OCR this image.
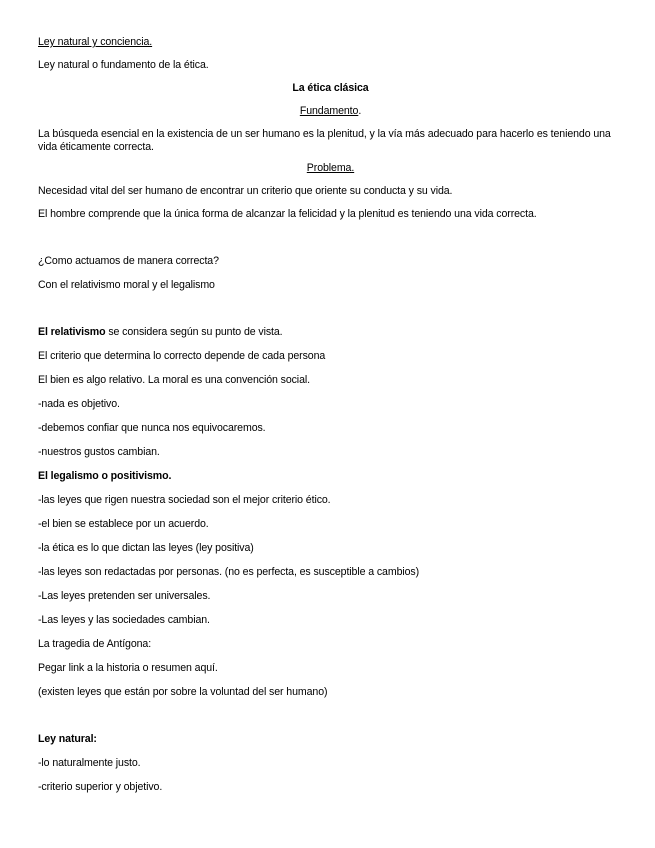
Ley natural y conciencia.

Ley natural o fundamento de la ética.

La ética clásica

Fundamento.

La búsqueda esencial en la existencia de un ser humano es la plenitud, y la vía más adecuado para hacerlo es teniendo una vida éticamente correcta.

Problema.

Necesidad vital del ser humano de encontrar un criterio que oriente su conducta y su vida.

El hombre comprende que la única forma de alcanzar la felicidad y la plenitud es teniendo una vida correcta.

¿Como actuamos de manera correcta?

Con el relativismo moral y el legalismo

El relativismo se considera según su punto de vista.

El criterio que determina lo correcto depende de cada persona

El bien es algo relativo. La moral es una convención social.

-nada es objetivo.

-debemos confiar que nunca nos equivocaremos.

-nuestros gustos cambian.

El legalismo o positivismo.

-las leyes que rigen nuestra sociedad son el mejor criterio ético.

-el bien se establece por un acuerdo.

-la ética es lo que dictan las leyes (ley positiva)

-las leyes son redactadas por personas. (no es perfecta, es susceptible a cambios)

-Las leyes pretenden ser universales.

-Las leyes y las sociedades cambian.

La tragedia de Antígona:

Pegar link a la historia o resumen aquí.

(existen leyes que están por sobre la voluntad del ser humano)

Ley natural:

-lo naturalmente justo.

-criterio superior y objetivo.
